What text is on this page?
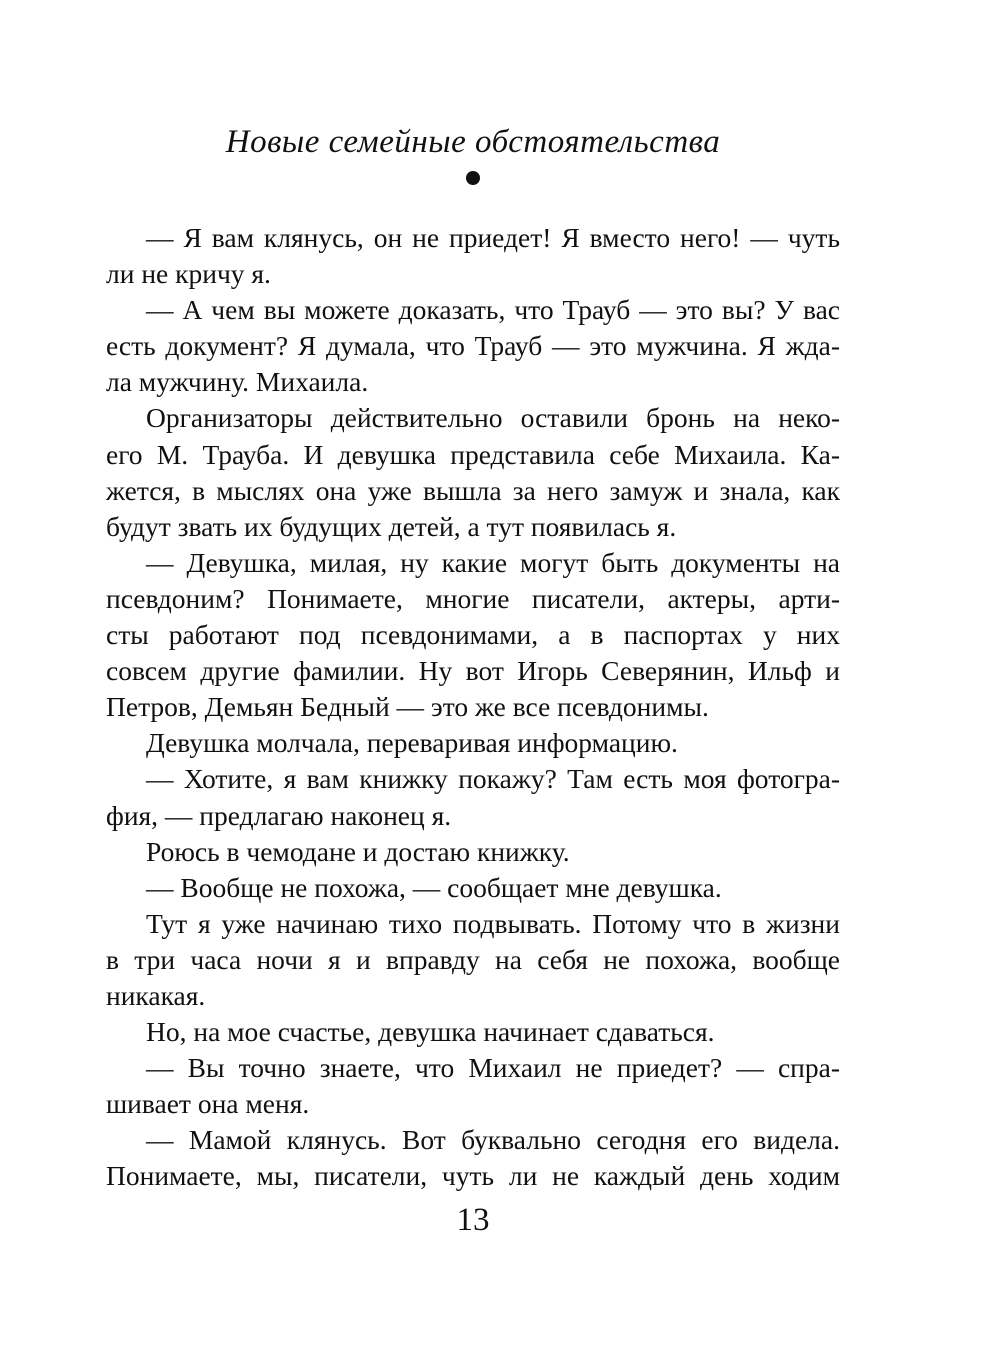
Новые семейные обстоятельства
— Я вам клянусь, он не приедет! Я вместо него! — чуть
ли не кричу я.
— А чем вы можете доказать, что Трауб — это вы? У вас
есть документ? Я думала, что Трауб — это мужчина. Я жда-
ла мужчину. Михаила.
Организаторы действительно оставили бронь на неко-
его М. Трауба. И девушка представила себе Михаила. Ка-
жется, в мыслях она уже вышла за него замуж и знала, как
будут звать их будущих детей, а тут появилась я.
— Девушка, милая, ну какие могут быть документы на
псевдоним? Понимаете, многие писатели, актеры, арти-
сты работают под псевдонимами, а в паспортах у них
совсем другие фамилии. Ну вот Игорь Северянин, Ильф и
Петров, Демьян Бедный — это же все псевдонимы.
Девушка молчала, переваривая информацию.
— Хотите, я вам книжку покажу? Там есть моя фотогра-
фия, — предлагаю наконец я.
Роюсь в чемодане и достаю книжку.
— Вообще не похожа, — сообщает мне девушка.
Тут я уже начинаю тихо подвывать. Потому что в жизни
в три часа ночи я и вправду на себя не похожа, вообще
никакая.
Но, на мое счастье, девушка начинает сдаваться.
— Вы точно знаете, что Михаил не приедет? — спра-
шивает она меня.
— Мамой клянусь. Вот буквально сегодня его видела.
Понимаете, мы, писатели, чуть ли не каждый день ходим
13
